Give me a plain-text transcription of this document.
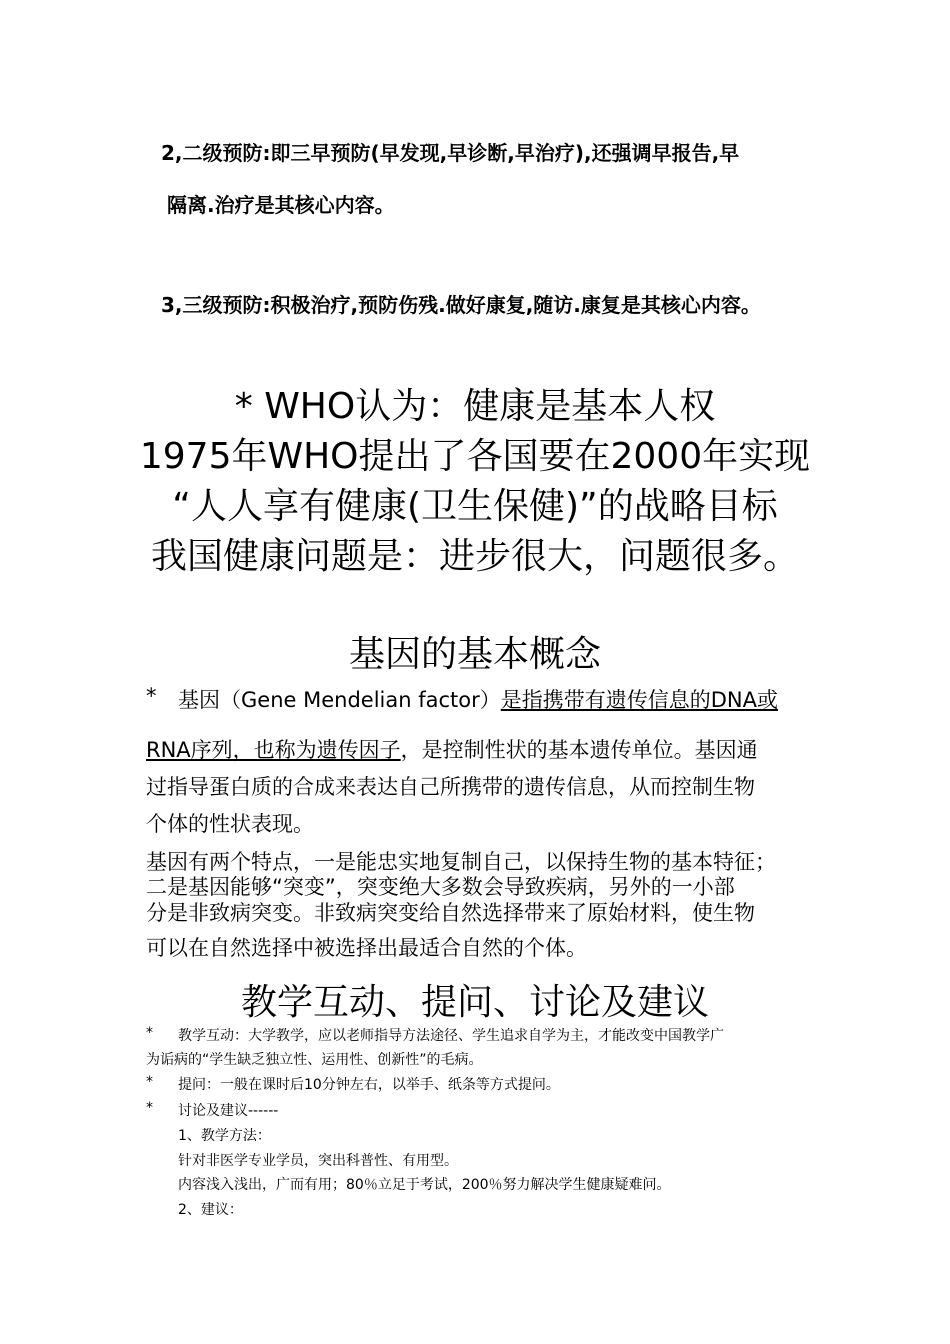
2,二级预防:即三早预防(早发现,早诊断,早治疗),还强调早报告,早
隔离.治疗是其核心内容。
3,三级预防:积极治疗,预防伤残.做好康复,随访.康复是其核心内容。
* WHO认为：健康是基本人权
1975年WHO提出了各国要在2000年实现
“人人享有健康(卫生保健)”的战略目标
我国健康问题是：进步很大，问题很多。
基因的基本概念
* 基因（Gene Mendelian factor）是指携带有遗传信息的DNA或
RNA序列，也称为遗传因子，是控制性状的基本遗传单位。基因通
过指导蛋白质的合成来表达自己所携带的遗传信息，从而控制生物
个体的性状表现。
基因有两个特点，一是能忠实地复制自己，以保持生物的基本特征；
二是基因能够“突变”，突变绝大多数会导致疾病，另外的一小部
分是非致病突变。非致病突变给自然选择带来了原始材料，使生物
可以在自然选择中被选择出最适合自然的个体。
教学互动、提问、讨论及建议
* 教学互动：大学教学，应以老师指导方法途径、学生追求自学为主，才能改变中国教学广
为诟病的“学生缺乏独立性、运用性、创新性”的毛病。
* 提问：一般在课时后10分钟左右，以举手、纸条等方式提问。
* 讨论及建议------
1、教学方法：
针对非医学专业学员，突出科普性、有用型。
内容浅入浅出，广而有用；80％立足于考试，200％努力解决学生健康疑难问。
2、建议：
